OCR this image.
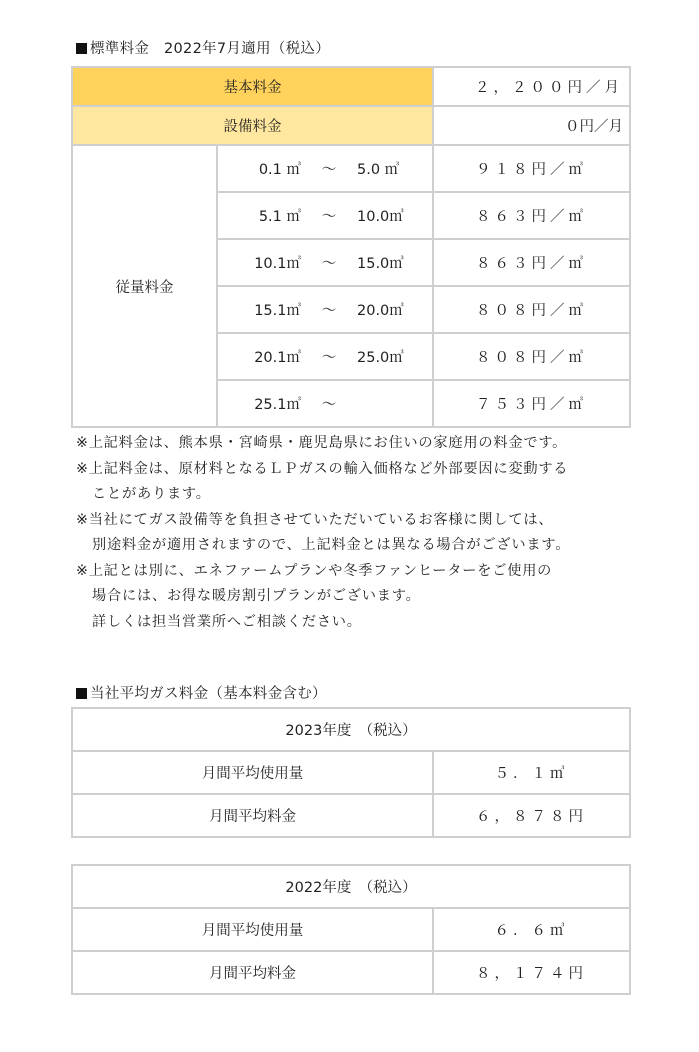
標準料金　2022年7月適用（税込）
基本料金		２，２００円／月
設備料金		０円／月
従量料金	0.1 ㎥ 〜 5.0 ㎥	９１８円／㎥

	5.1 ㎥ 〜 10.0㎥	８６３円／㎥

	10.1㎥ 〜 15.0㎥	８６３円／㎥

	15.1㎥ 〜 20.0㎥	８０８円／㎥

	20.1㎥ 〜 25.0㎥	８０８円／㎥

	25.1㎥ 〜	７５３円／㎥
※上記料金は、熊本県・宮崎県・鹿児島県にお住いの家庭用の料金です。
※上記料金は、原材料となるＬＰガスの輸入価格など外部要因に変動する
ことがあります。
※当社にてガス設備等を負担させていただいているお客様に関しては、
別途料金が適用されますので、上記料金とは異なる場合がございます。
※上記とは別に、エネファームプランや冬季ファンヒーターをご使用の
場合には、お得な暖房割引プランがございます。
詳しくは担当営業所へご相談ください。
当社平均ガス料金（基本料金含む）
2023年度　（税込）	
月間平均使用量	５．１㎥
月間平均料金	６，８７８円
2022年度　（税込）	
月間平均使用量	６．６㎥
月間平均料金	８，１７４円
